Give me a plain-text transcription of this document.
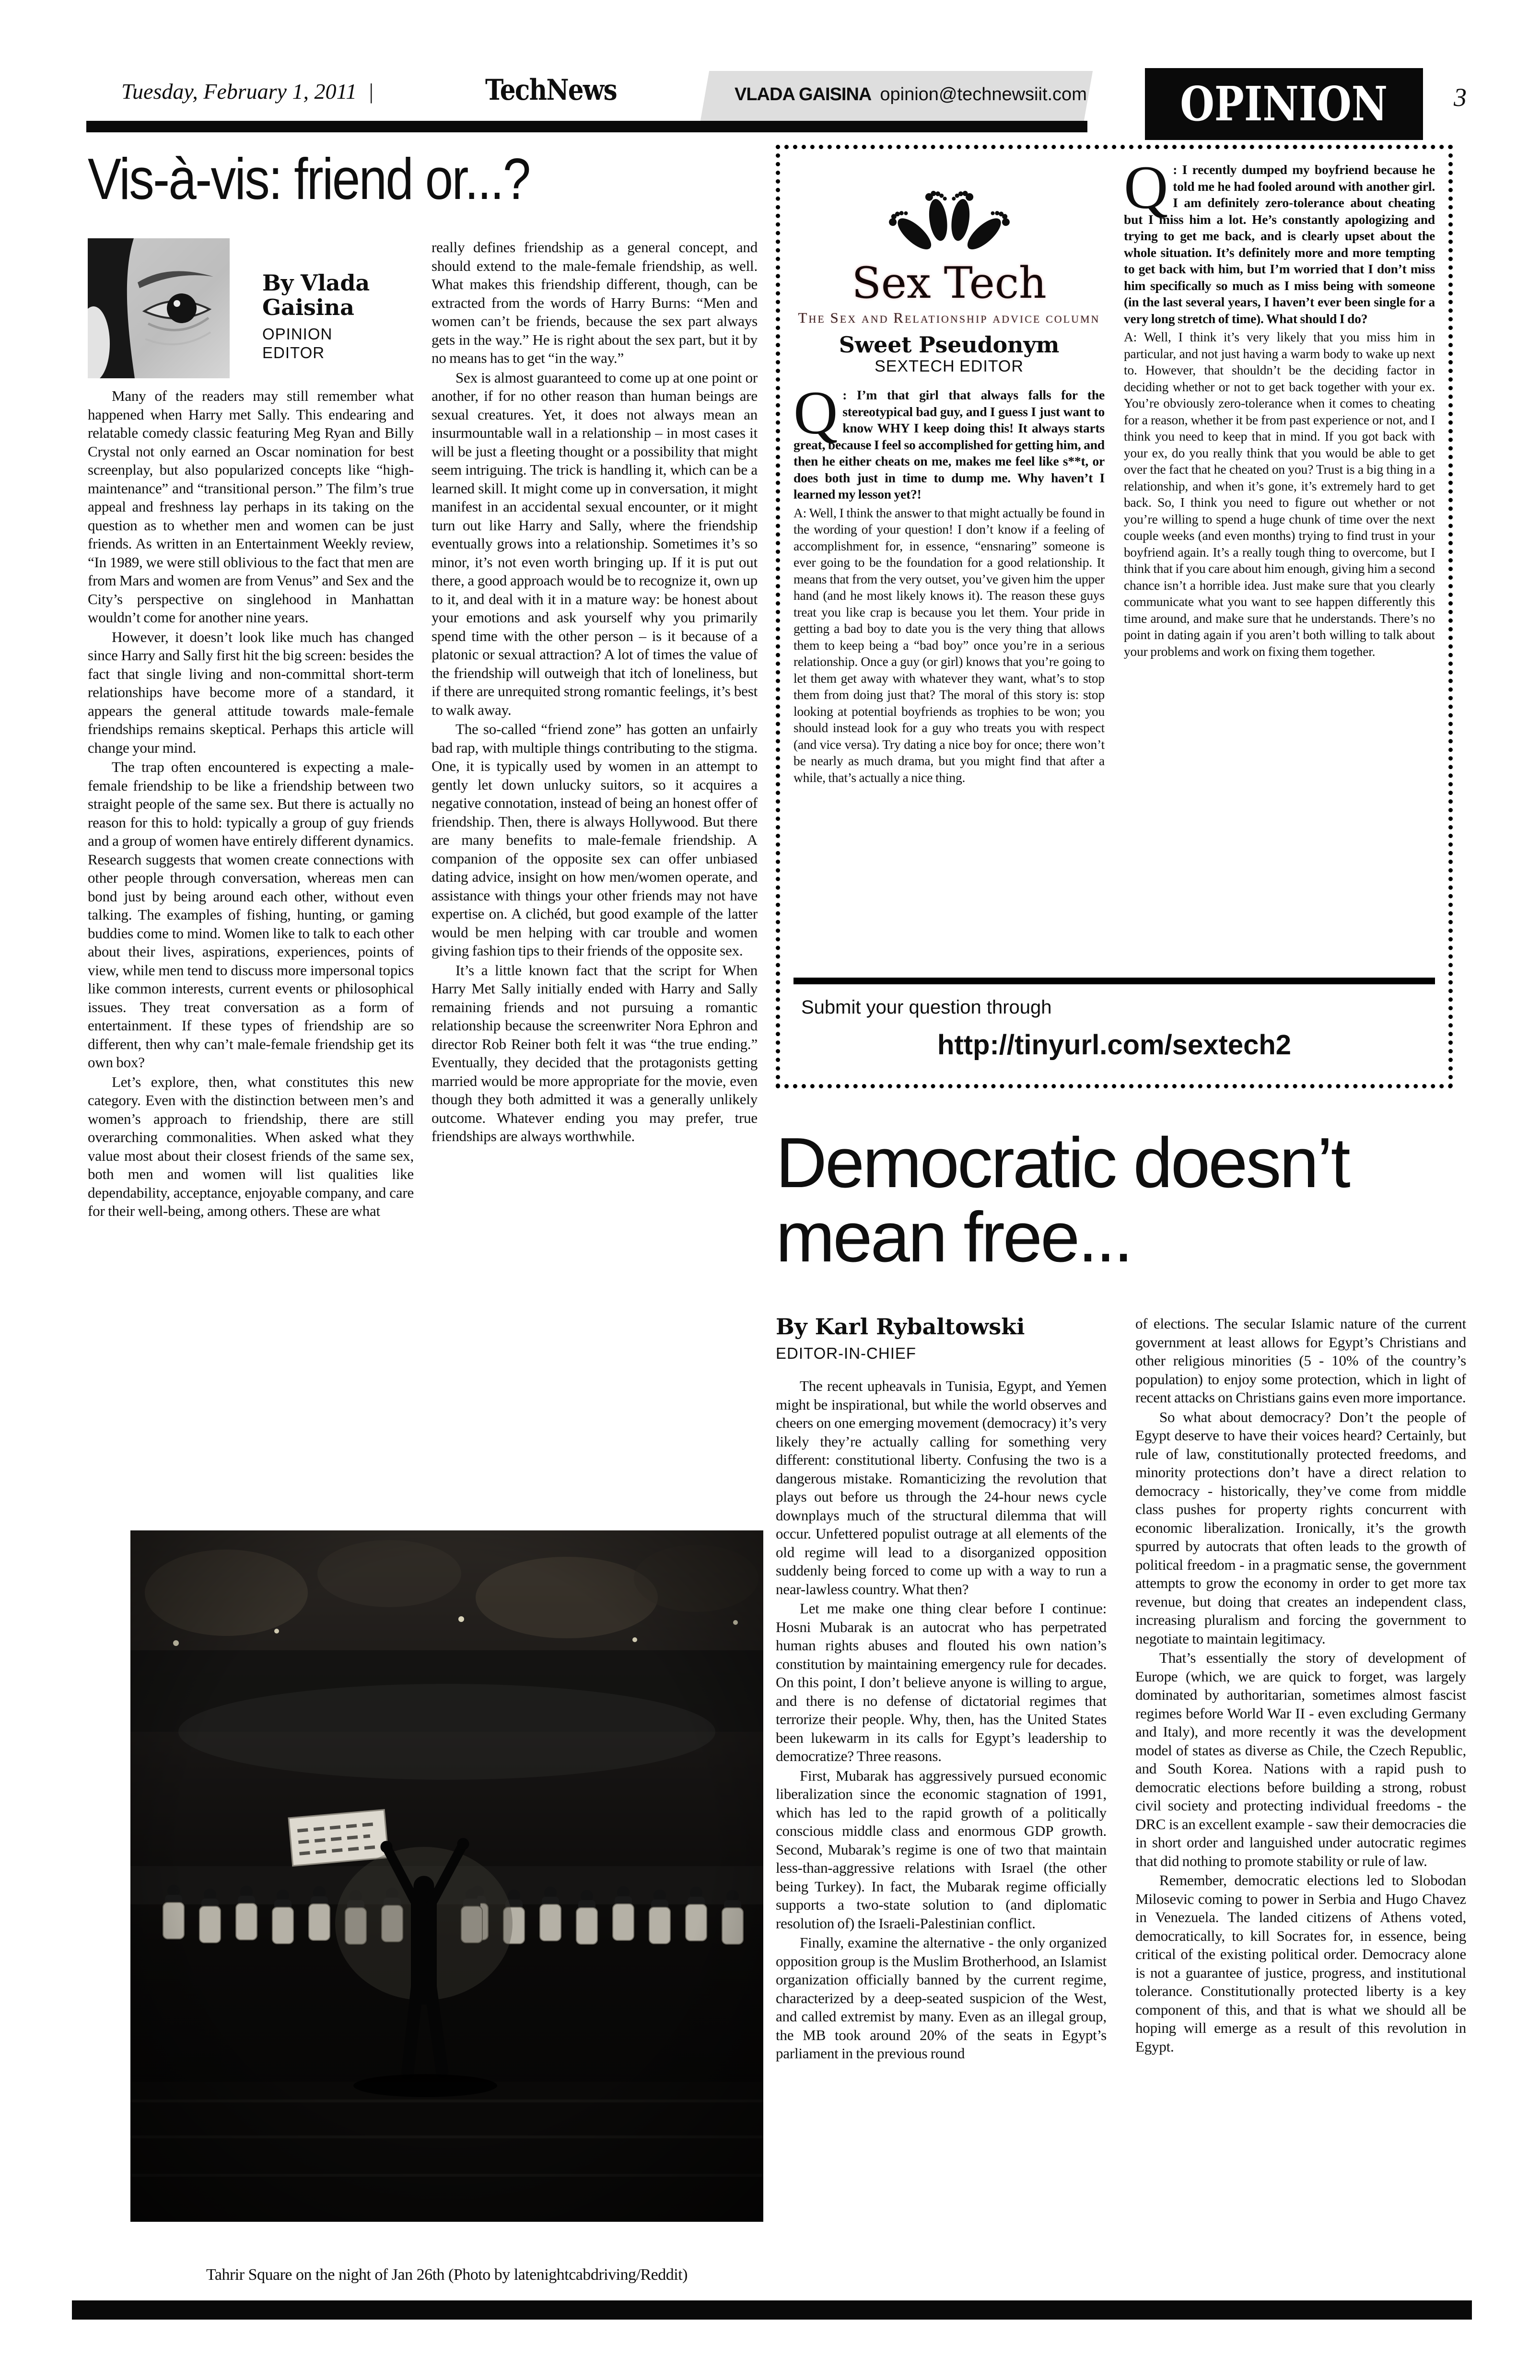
Tuesday, February 1, 2011 |	TechNews	VLADA GAISINA opinion@technewsiit.com OPINION	3
Vis-à-vis: friend or...?
By Vlada Gaisina
OPINION EDITOR

Many of the readers may still remember what happened when Harry met Sally. This endearing and relatable comedy classic featuring Meg Ryan and Billy Crystal not only earned an Oscar nomination for best screenplay, but also popularized concepts like “high-maintenance” and “transitional person.” The film’s true appeal and freshness lay perhaps in its taking on the question as to whether men and women can be just friends. As written in an Entertainment Weekly review, “In 1989, we were still oblivious to the fact that men are from Mars and women are from Venus” and Sex and the City’s perspective on singlehood in Manhattan wouldn’t come for another nine years.

However, it doesn’t look like much has changed since Harry and Sally first hit the big screen: besides the fact that single living and non-committal short-term relationships have become more of a standard, it appears the general attitude towards male-female friendships remains skeptical. Perhaps this article will change your mind.

The trap often encountered is expecting a male-female friendship to be like a friendship between two straight people of the same sex. But there is actually no reason for this to hold: typically a group of guy friends and a group of women have entirely different dynamics. Research suggests that women create connections with other people through conversation, whereas men can bond just by being around each other, without even talking. The examples of fishing, hunting, or gaming buddies come to mind. Women like to talk to each other about their lives, aspirations, experiences, points of view, while men tend to discuss more impersonal topics like common interests, current events or philosophical issues. They treat conversation as a form of entertainment. If these types of friendship are so different, then why can’t male-female friendship get its own box?

Let’s explore, then, what constitutes this new category. Even with the distinction between men’s and women’s approach to friendship, there are still overarching commonalities. When asked what they value most about their closest friends of the same sex, both men and women will list qualities like dependability, acceptance, enjoyable company, and care for their well-being, among others. These are what

really defines friendship as a general concept, and should extend to the male-female friendship, as well. What makes this friendship different, though, can be extracted from the words of Harry Burns: “Men and women can’t be friends, because the sex part always gets in the way.” He is right about the sex part, but it by no means has to get “in the way.”

Sex is almost guaranteed to come up at one point or another, if for no other reason than human beings are sexual creatures. Yet, it does not always mean an insurmountable wall in a relationship – in most cases it will be just a fleeting thought or a possibility that might seem intriguing. The trick is handling it, which can be a learned skill. It might come up in conversation, it might manifest in an accidental sexual encounter, or it might turn out like Harry and Sally, where the friendship eventually grows into a relationship. Sometimes it’s so minor, it’s not even worth bringing up. If it is put out there, a good approach would be to recognize it, own up to it, and deal with it in a mature way: be honest about your emotions and ask yourself why you primarily spend time with the other person – is it because of a platonic or sexual attraction? A lot of times the value of the friendship will outweigh that itch of loneliness, but if there are unrequited strong romantic feelings, it’s best to walk away.

The so-called “friend zone” has gotten an unfairly bad rap, with multiple things contributing to the stigma. One, it is typically used by women in an attempt to gently let down unlucky suitors, so it acquires a negative connotation, instead of being an honest offer of friendship. Then, there is always Hollywood. But there are many benefits to male-female friendship. A companion of the opposite sex can offer unbiased dating advice, insight on how men/women operate, and assistance with things your other friends may not have expertise on. A clichéd, but good example of the latter would be men helping with car trouble and women giving fashion tips to their friends of the opposite sex.

It’s a little known fact that the script for When Harry Met Sally initially ended with Harry and Sally remaining friends and not pursuing a romantic relationship because the screenwriter Nora Ephron and director Rob Reiner both felt it was “the true ending.” Eventually, they decided that the protagonists getting married would be more appropriate for the movie, even though they both admitted it was a generally unlikely outcome. Whatever ending you may prefer, true friendships are always worthwhile.

Sex Tech
The Sex and Relationship advice column
Sweet Pseudonym
SEXTECH EDITOR

Q : I’m that girl that always falls for the stereotypical bad guy, and I guess I just want to know WHY I keep doing this! It always starts great, because I feel so accomplished for getting him, and then he either cheats on me, makes me feel like s**t, or does both just in time to dump me. Why haven’t I learned my lesson yet?!

A: Well, I think the answer to that might actually be found in the wording of your question! I don’t know if a feeling of accomplishment for, in essence, “ensnaring” someone is ever going to be the foundation for a good relationship. It means that from the very outset, you’ve given him the upper hand (and he most likely knows it). The reason these guys treat you like crap is because you let them. Your pride in getting a bad boy to date you is the very thing that allows them to keep being a “bad boy” once you’re in a serious relationship. Once a guy (or girl) knows that you’re going to let them get away with whatever they want, what’s to stop them from doing just that? The moral of this story is: stop looking at potential boyfriends as trophies to be won; you should instead look for a guy who treats you with respect (and vice versa). Try dating a nice boy for once; there won’t be nearly as much drama, but you might find that after a while, that’s actually a nice thing.

Q : I recently dumped my boyfriend because he told me he had fooled around with another girl. I am definitely zero-tolerance about cheating but I miss him a lot. He’s constantly apologizing and trying to get me back, and is clearly upset about the whole situation. It’s definitely more and more tempting to get back with him, but I’m worried that I don’t miss him specifically so much as I miss being with someone (in the last several years, I haven’t ever been single for a very long stretch of time). What should I do?

A: Well, I think it’s very likely that you miss him in particular, and not just having a warm body to wake up next to. However, that shouldn’t be the deciding factor in deciding whether or not to get back together with your ex. You’re obviously zero-tolerance when it comes to cheating for a reason, whether it be from past experience or not, and I think you need to keep that in mind. If you got back with your ex, do you really think that you would be able to get over the fact that he cheated on you? Trust is a big thing in a relationship, and when it’s gone, it’s extremely hard to get back. So, I think you need to figure out whether or not you’re willing to spend a huge chunk of time over the next couple weeks (and even months) trying to find trust in your boyfriend again. It’s a really tough thing to overcome, but I think that if you care about him enough, giving him a second chance isn’t a horrible idea. Just make sure that you clearly communicate what you want to see happen differently this time around, and make sure that he understands. There’s no point in dating again if you aren’t both willing to talk about your problems and work on fixing them together.

Submit your question through
http://tinyurl.com/sextech2
Democratic doesn’t mean free...
By Karl Rybaltowski
EDITOR-IN-CHIEF

The recent upheavals in Tunisia, Egypt, and Yemen might be inspirational, but while the world observes and cheers on one emerging movement (democracy) it’s very likely they’re actually calling for something very different: constitutional liberty. Confusing the two is a dangerous mistake. Romanticizing the revolution that plays out before us through the 24-hour news cycle downplays much of the structural dilemma that will occur. Unfettered populist outrage at all elements of the old regime will lead to a disorganized opposition suddenly being forced to come up with a way to run a near-lawless country. What then?

Let me make one thing clear before I continue: Hosni Mubarak is an autocrat who has perpetrated human rights abuses and flouted his own nation’s constitution by maintaining emergency rule for decades. On this point, I don’t believe anyone is willing to argue, and there is no defense of dictatorial regimes that terrorize their people. Why, then, has the United States been lukewarm in its calls for Egypt’s leadership to democratize? Three reasons.

First, Mubarak has aggressively pursued economic liberalization since the economic stagnation of 1991, which has led to the rapid growth of a politically conscious middle class and enormous GDP growth. Second, Mubarak’s regime is one of two that maintain less-than-aggressive relations with Israel (the other being Turkey). In fact, the Mubarak regime officially supports a two-state solution to (and diplomatic resolution of) the Israeli-Palestinian conflict.

Finally, examine the alternative - the only organized opposition group is the Muslim Brotherhood, an Islamist organization officially banned by the current regime, characterized by a deep-seated suspicion of the West, and called extremist by many. Even as an illegal group, the MB took around 20% of the seats in Egypt’s parliament in the previous round

of elections. The secular Islamic nature of the current government at least allows for Egypt’s Christians and other religious minorities (5 - 10% of the country’s population) to enjoy some protection, which in light of recent attacks on Christians gains even more importance.

So what about democracy? Don’t the people of Egypt deserve to have their voices heard? Certainly, but rule of law, constitutionally protected freedoms, and minority protections don’t have a direct relation to democracy - historically, they’ve come from middle class pushes for property rights concurrent with economic liberalization. Ironically, it’s the growth spurred by autocrats that often leads to the growth of political freedom - in a pragmatic sense, the government attempts to grow the economy in order to get more tax revenue, but doing that creates an independent class, increasing pluralism and forcing the government to negotiate to maintain legitimacy.

That’s essentially the story of development of Europe (which, we are quick to forget, was largely dominated by authoritarian, sometimes almost fascist regimes before World War II - even excluding Germany and Italy), and more recently it was the development model of states as diverse as Chile, the Czech Republic, and South Korea. Nations with a rapid push to democratic elections before building a strong, robust civil society and protecting individual freedoms - the DRC is an excellent example - saw their democracies die in short order and languished under autocratic regimes that did nothing to promote stability or rule of law.

Remember, democratic elections led to Slobodan Milosevic coming to power in Serbia and Hugo Chavez in Venezuela. The landed citizens of Athens voted, democratically, to kill Socrates for, in essence, being critical of the existing political order. Democracy alone is not a guarantee of justice, progress, and institutional tolerance. Constitutionally protected liberty is a key component of this, and that is what we should all be hoping will emerge as a result of this revolution in Egypt.

Tahrir Square on the night of Jan 26th (Photo by latenightcabdriving/Reddit)
